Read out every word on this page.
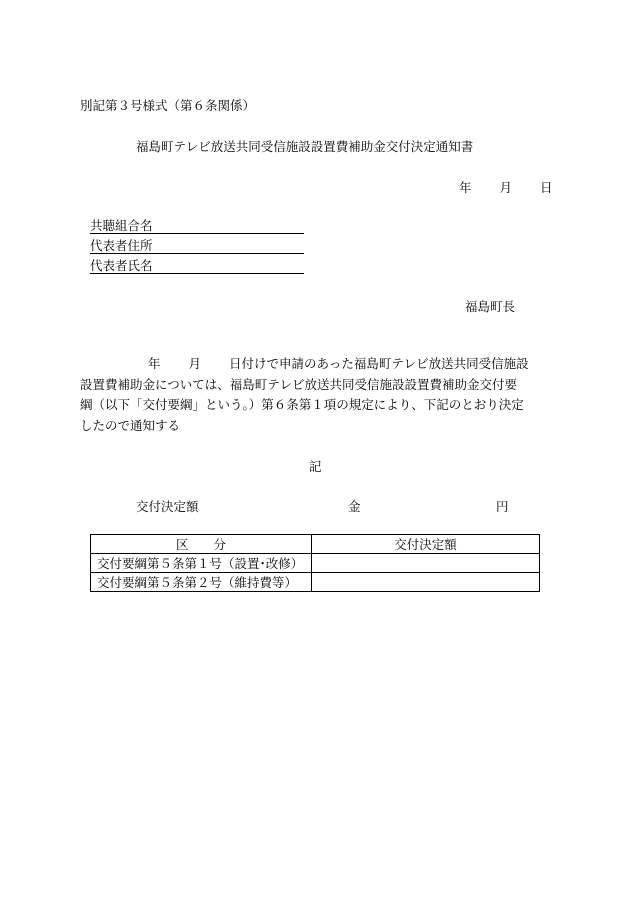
別記第３号様式（第６条関係）
福島町テレビ放送共同受信施設設置費補助金交付決定通知書
年 月 日
共聴組合名
代表者住所
代表者氏名
福島町長

年 月 日付けで申請のあった福島町テレビ放送共同受信施設

設置費補助金については、福島町テレビ放送共同受信施設設置費補助金交付要

綱（以下「交付要綱」という。）第６条第１項の規定により、下記のとおり決定

したので通知する

記
交付決定額	金	円
区　　分	交付決定額
交付要綱第５条第１号（設置･改修）	
交付要綱第５条第２号（維持費等）	
